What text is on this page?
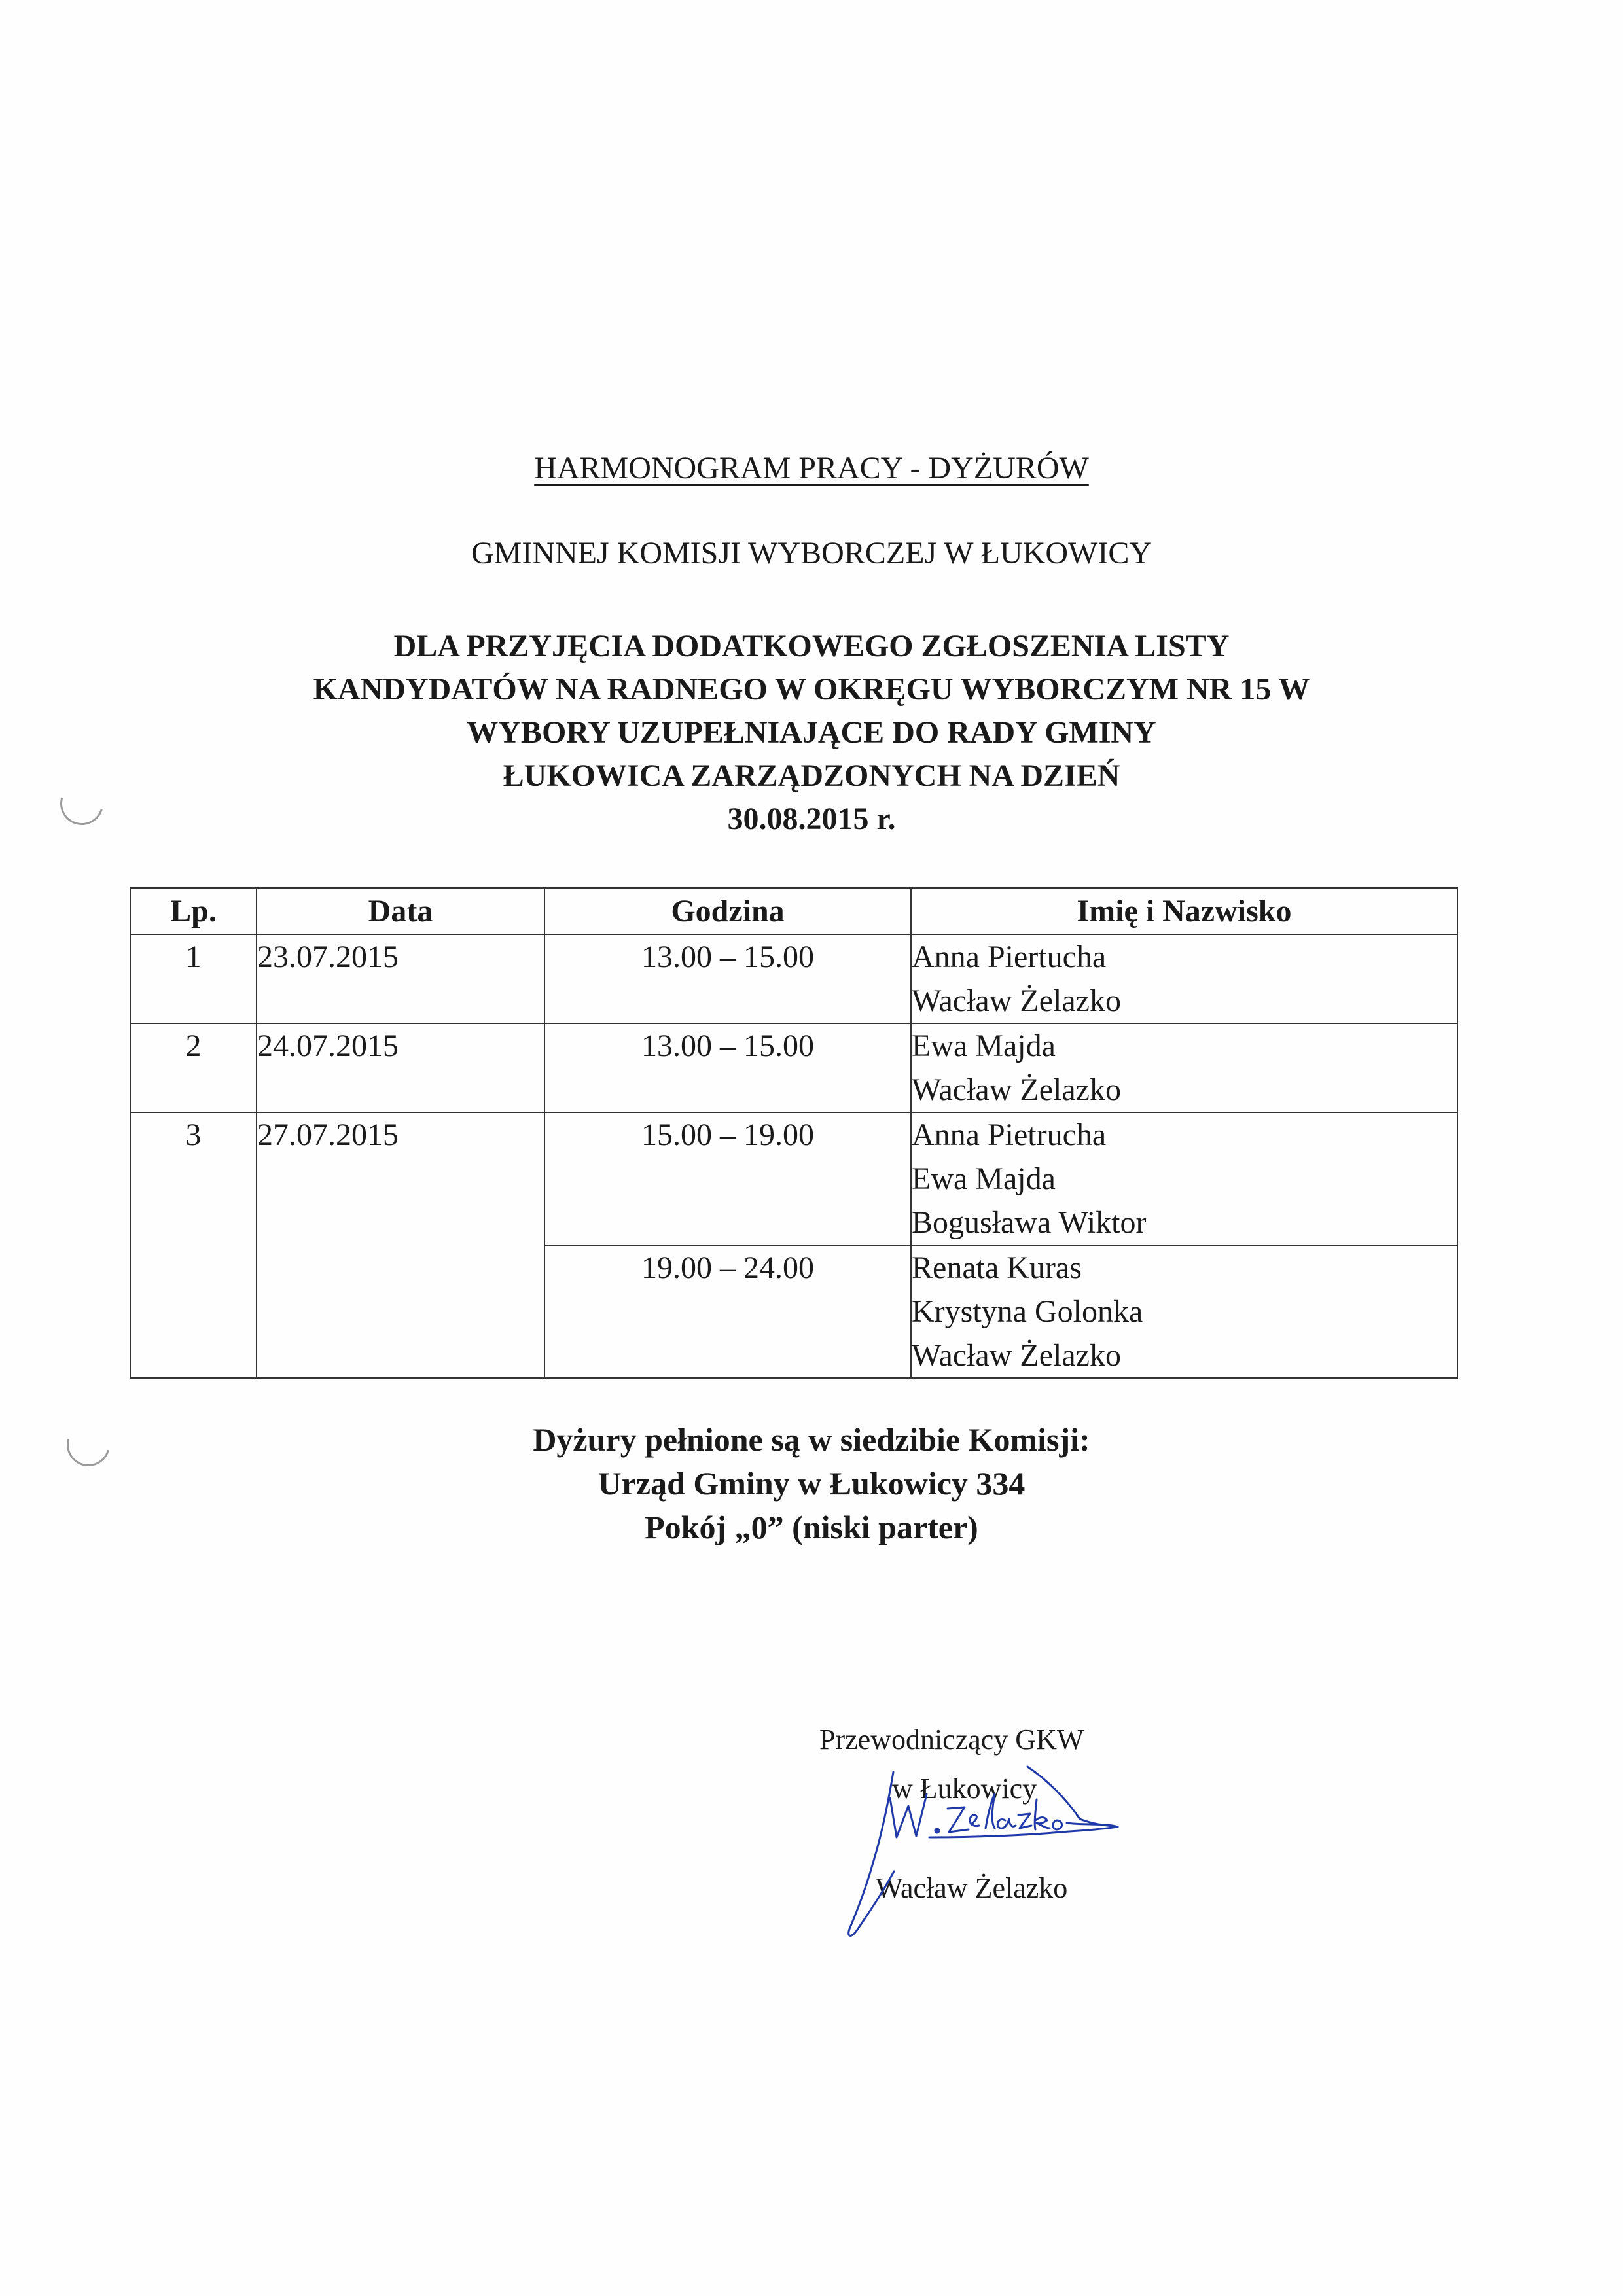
HARMONOGRAM PRACY - DYŻURÓW
GMINNEJ KOMISJI WYBORCZEJ W ŁUKOWICY
DLA PRZYJĘCIA DODATKOWEGO ZGŁOSZENIA LISTY
KANDYDATÓW NA RADNEGO W OKRĘGU WYBORCZYM NR 15 W
WYBORY UZUPEŁNIAJĄCE DO RADY GMINY
ŁUKOWICA ZARZĄDZONYCH NA DZIEŃ
30.08.2015 r.
Lp.	Data	Godzina	Imię i Nazwisko
1	23.07.2015	13.00 – 15.00	Anna Piertucha
Wacław Żelazko

2	24.07.2015	13.00 – 15.00	Ewa Majda
Wacław Żelazko

3	27.07.2015	15.00 – 19.00	Anna Pietrucha
Ewa Majda
Bogusława Wiktor

		19.00 – 24.00	Renata Kuras
Krystyna Golonka
Wacław Żelazko
Dyżury pełnione są w siedzibie Komisji:
Urząd Gminy w Łukowicy 334
Pokój „0” (niski parter)
Przewodniczący GKW
w Łukowicy
Wacław Żelazko
